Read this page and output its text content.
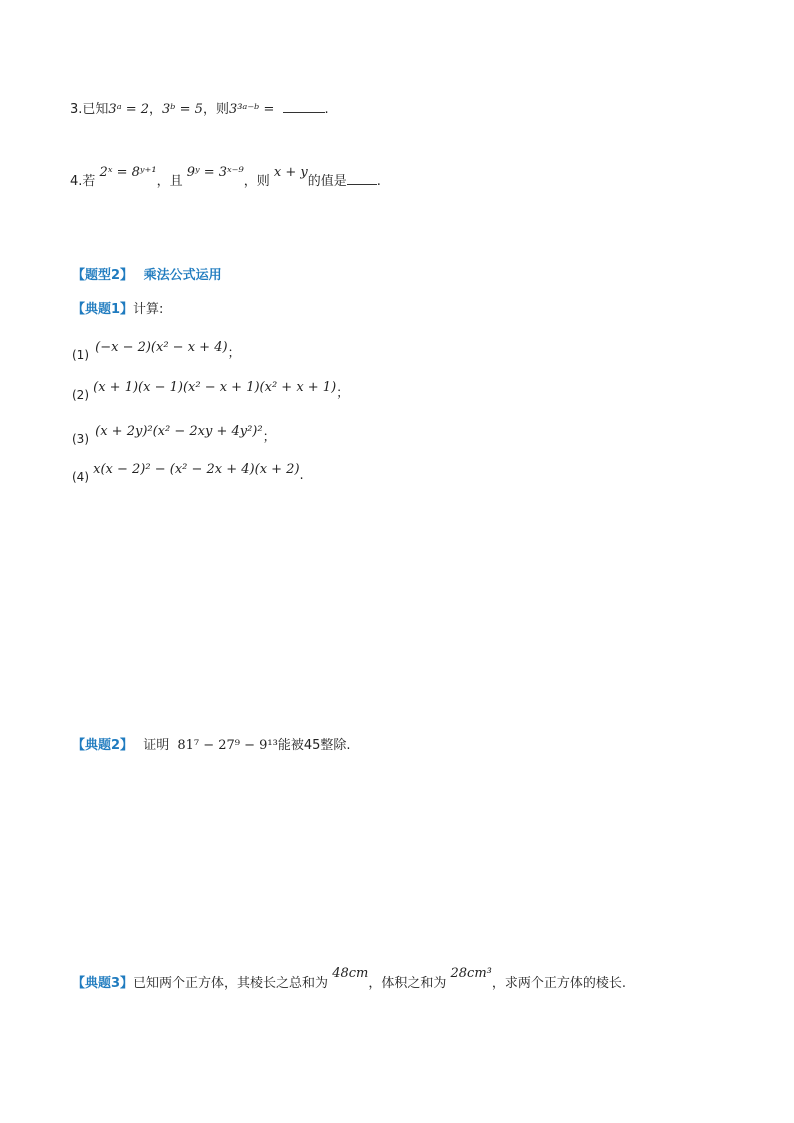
3.已知3ᵃ = 2，3ᵇ = 5，则3³ᵃ⁻ᵇ =	.
4.若 2ˣ = 8ʸ⁺¹，且 9ʸ = 3ˣ⁻⁹，则 x + y的值是 .
【题型2】 乘法公式运用
【典题1】计算:
(1) (−x − 2)(x² − x + 4)；
(2) (x + 1)(x − 1)(x² − x + 1)(x² + x + 1)；
(3) (x + 2y)²(x² − 2xy + 4y²)²；
(4) x(x − 2)² − (x² − 2x + 4)(x + 2).
【典题2】 证明 81⁷ − 27⁹ − 9¹³能被45整除.
【典题3】已知两个正方体，其棱长之总和为 48cm，体积之和为 28cm³，求两个正方体的棱长.
